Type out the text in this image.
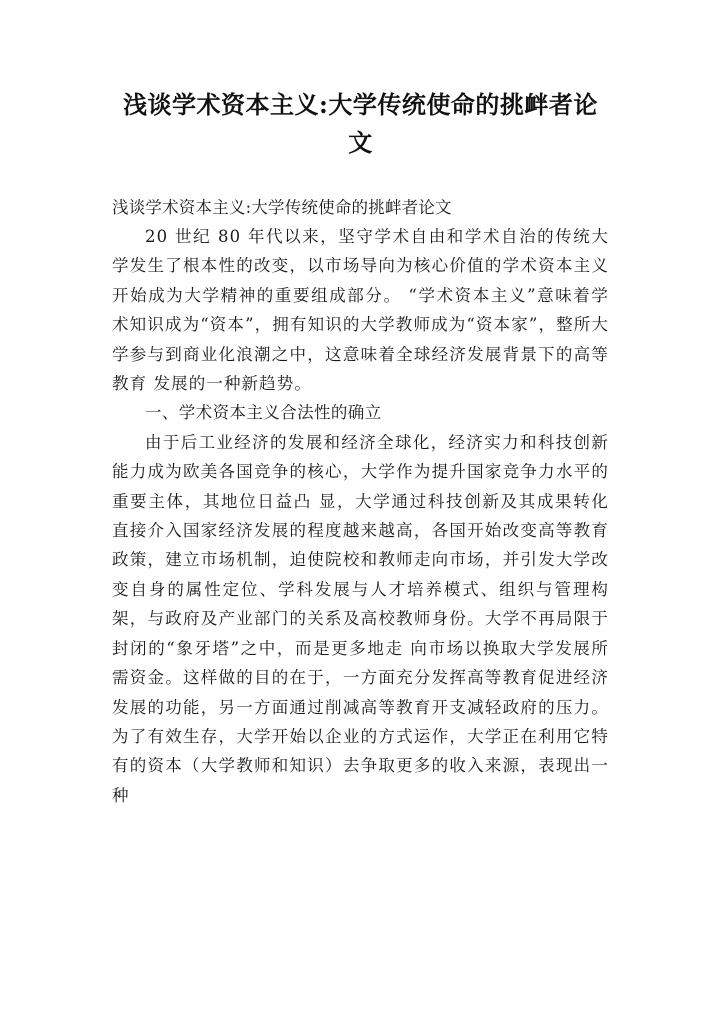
浅谈学术资本主义:大学传统使命的挑衅者论文

浅谈学术资本主义:大学传统使命的挑衅者论文

20 世纪 80 年代以来，坚守学术自由和学术自治的传统大学发生了根本性的改变，以市场导向为核心价值的学术资本主义开始成为大学精神的重要组成部分。 “学术资本主义”意味着学术知识成为“资本”，拥有知识的大学教师成为“资本家”，整所大学参与到商业化浪潮之中，这意味着全球经济发展背景下的高等教育 发展的一种新趋势。

一、学术资本主义合法性的确立

由于后工业经济的发展和经济全球化，经济实力和科技创新能力成为欧美各国竞争的核心，大学作为提升国家竞争力水平的重要主体，其地位日益凸 显，大学通过科技创新及其成果转化直接介入国家经济发展的程度越来越高，各国开始改变高等教育政策，建立市场机制，迫使院校和教师走向市场，并引发大学改 变自身的属性定位、学科发展与人才培养模式、组织与管理构架，与政府及产业部门的关系及高校教师身份。大学不再局限于封闭的“象牙塔”之中，而是更多地走 向市场以换取大学发展所需资金。这样做的目的在于，一方面充分发挥高等教育促进经济发展的功能，另一方面通过削减高等教育开支减轻政府的压力。为了有效生存，大学开始以企业的方式运作，大学正在利用它特有的资本（大学教师和知识）去争取更多的收入来源，表现出一种
